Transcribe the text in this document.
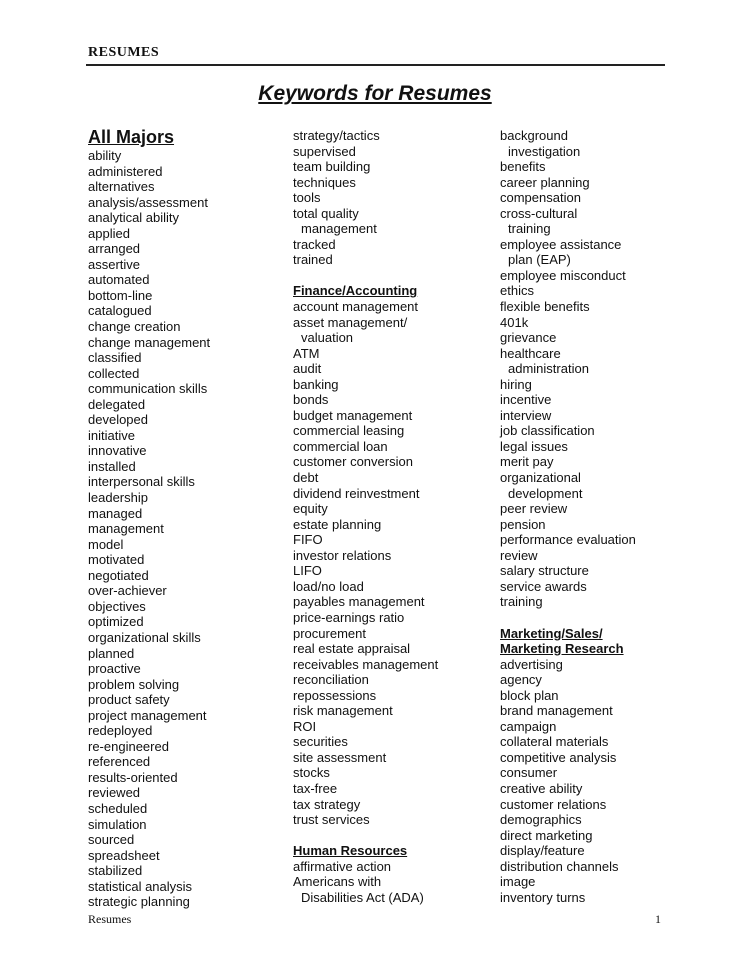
RESUMES
Keywords for Resumes
All Majors
ability
administered
alternatives
analysis/assessment
analytical ability
applied
arranged
assertive
automated
bottom-line
catalogued
change creation
change management
classified
collected
communication skills
delegated
developed
initiative
innovative
installed
interpersonal skills
leadership
managed
management
model
motivated
negotiated
over-achiever
objectives
optimized
organizational skills
planned
proactive
problem solving
product safety
project management
redeployed
re-engineered
referenced
results-oriented
reviewed
scheduled
simulation
sourced
spreadsheet
stabilized
statistical analysis
strategic planning
strategy/tactics
supervised
team building
techniques
tools
total quality
management
tracked
trained
Finance/Accounting
account management
asset management/
valuation
ATM
audit
banking
bonds
budget management
commercial leasing
commercial loan
customer conversion
debt
dividend reinvestment
equity
estate planning
FIFO
investor relations
LIFO
load/no load
payables management
price-earnings ratio
procurement
real estate appraisal
receivables management
reconciliation
repossessions
risk management
ROI
securities
site assessment
stocks
tax-free
tax strategy
trust services
Human Resources
affirmative action
Americans with
Disabilities Act (ADA)
background
investigation
benefits
career planning
compensation
cross-cultural
training
employee assistance
plan (EAP)
employee misconduct
ethics
flexible benefits
401k
grievance
healthcare
administration
hiring
incentive
interview
job classification
legal issues
merit pay
organizational
development
peer review
pension
performance evaluation
review
salary structure
service awards
training
Marketing/Sales/
Marketing Research
advertising
agency
block plan
brand management
campaign
collateral materials
competitive analysis
consumer
creative ability
customer relations
demographics
direct marketing
display/feature
distribution channels
image
inventory turns
Resumes	1
